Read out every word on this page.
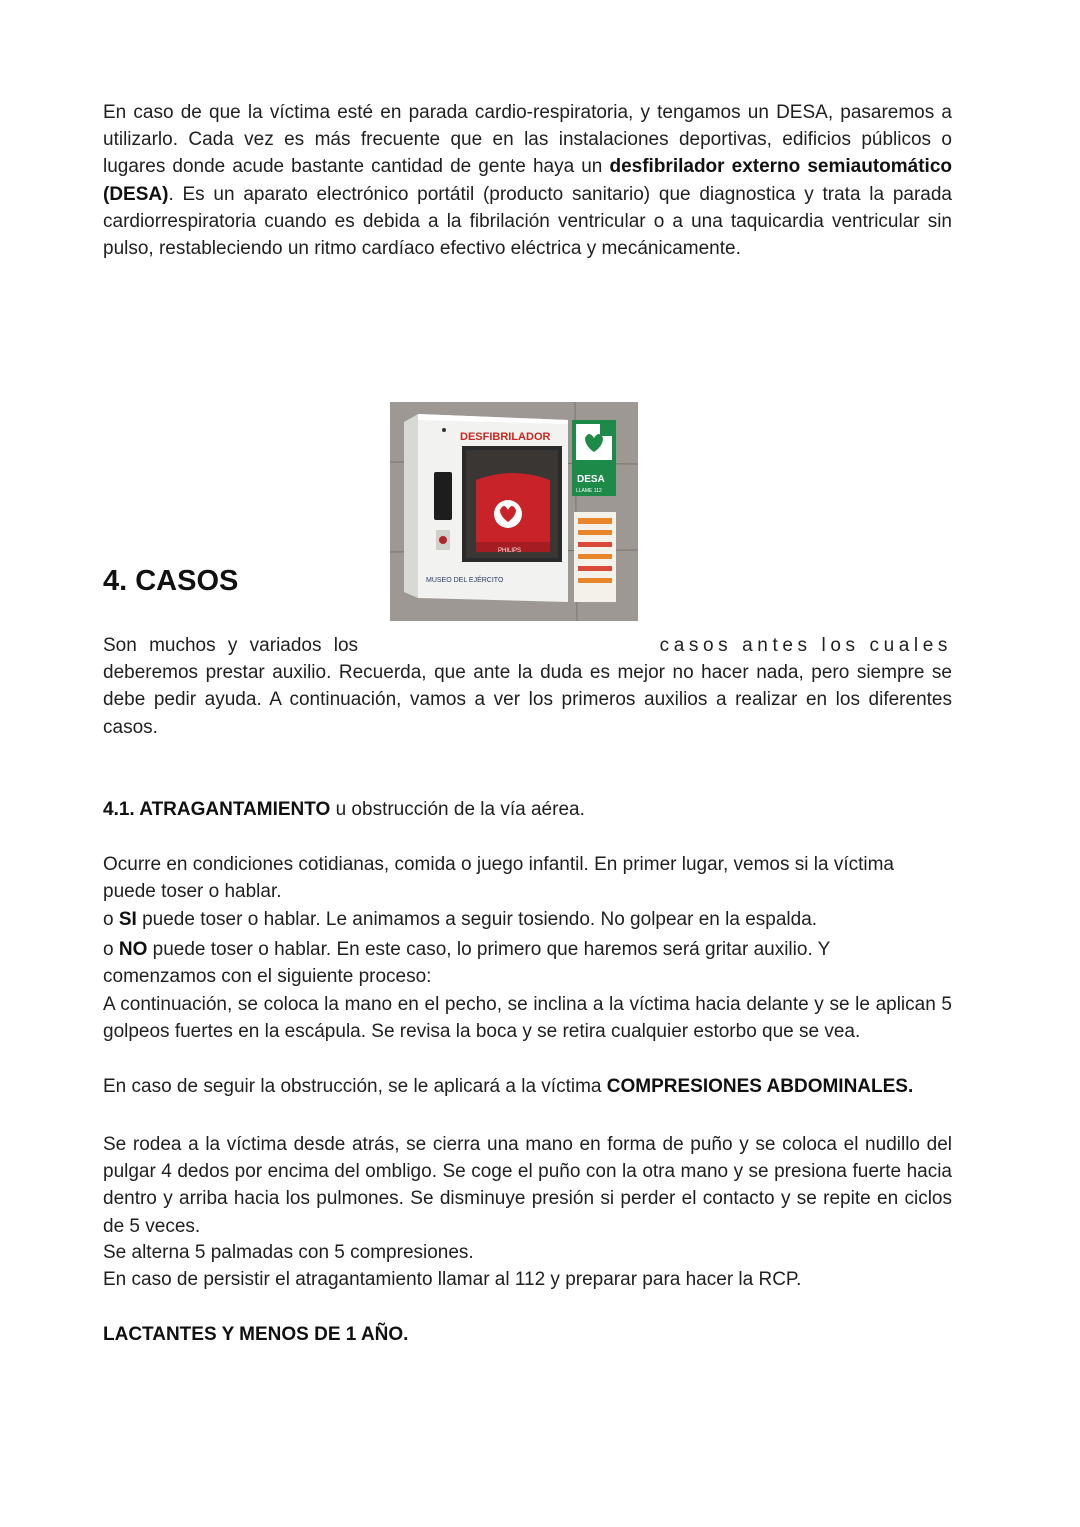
En caso de que la víctima esté en parada cardio-respiratoria, y tengamos un DESA, pasaremos a utilizarlo. Cada vez es más frecuente que en las instalaciones deportivas, edificios públicos o lugares donde acude bastante cantidad de gente haya un desfibrilador externo semiautomático (DESA). Es un aparato electrónico portátil (producto sanitario) que diagnostica y trata la parada cardiorrespiratoria cuando es debida a la fibrilación ventricular o a una taquicardia ventricular sin pulso, restableciendo un ritmo cardíaco efectivo eléctrica y mecánicamente.

DESFIBRILADOR
PHILIPS
MUSEO DEL EJÉRCITO
DESA
LLAME 112
4. CASOS
Son muchos y variados los	casos antes los cuales
deberemos prestar auxilio. Recuerda, que ante la duda es mejor no hacer nada, pero siempre se debe pedir ayuda. A continuación, vamos a ver los primeros auxilios a realizar en los diferentes casos.

4.1. ATRAGANTAMIENTO u obstrucción de la vía aérea.

Ocurre en condiciones cotidianas, comida o juego infantil. En primer lugar, vemos si la víctima puede toser o hablar.

o SI puede toser o hablar. Le animamos a seguir tosiendo. No golpear en la espalda.

o NO puede toser o hablar. En este caso, lo primero que haremos será gritar auxilio. Y comenzamos con el siguiente proceso:

A continuación, se coloca la mano en el pecho, se inclina a la víctima hacia delante y se le aplican 5 golpeos fuertes en la escápula. Se revisa la boca y se retira cualquier estorbo que se vea.

En caso de seguir la obstrucción, se le aplicará a la víctima COMPRESIONES ABDOMINALES.

Se rodea a la víctima desde atrás, se cierra una mano en forma de puño y se coloca el nudillo del pulgar 4 dedos por encima del ombligo. Se coge el puño con la otra mano y se presiona fuerte hacia dentro y arriba hacia los pulmones. Se disminuye presión si perder el contacto y se repite en ciclos de 5 veces.

Se alterna 5 palmadas con 5 compresiones.

En caso de persistir el atragantamiento llamar al 112 y preparar para hacer la RCP.

LACTANTES Y MENOS DE 1 AÑO.
